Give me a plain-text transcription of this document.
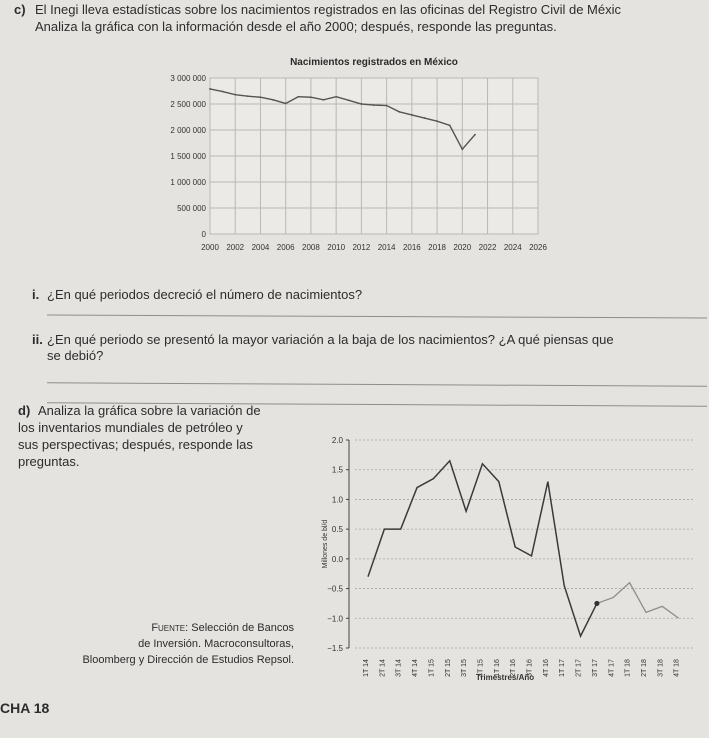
c) El Inegi lleva estadísticas sobre los nacimientos registrados en las oficinas del Registro Civil de Méxic
Analiza la gráfica con la información desde el año 2000; después, responde las preguntas.
2000 2002 2004 2006 2008 2010 2012 2014 2016 2018 2020 2022 2024 2026
0
500 000
1 000 000
1 500 000
2 000 000
2 500 000
3 000 000
Nacimientos registrados en México
i. ¿En qué periodos decreció el número de nacimientos?
ii. ¿En qué periodo se presentó la mayor variación a la baja de los nacimientos? ¿A qué piensas que
se debió?
d) Analiza la gráfica sobre la variación de
los inventarios mundiales de petróleo y
sus perspectivas; después, responde las
preguntas.
Fuente: Selección de Bancos
de Inversión. Macroconsultoras,
Bloomberg y Dirección de Estudios Repsol.
−1.5
−1.0
−0.5
0.0
0.5
1.0
1.5
2.0
Millones de bl/d
1T 14 2T 14 3T 14 4T 14 1T 15 2T 15 3T 15 4T 15 1T 16 2T 16 3T 16 4T 16 1T 17 2T 17 3T 17 4T 17 1T 18 2T 18 3T 18 4T 18
Trimestres/Año
CHA 18
